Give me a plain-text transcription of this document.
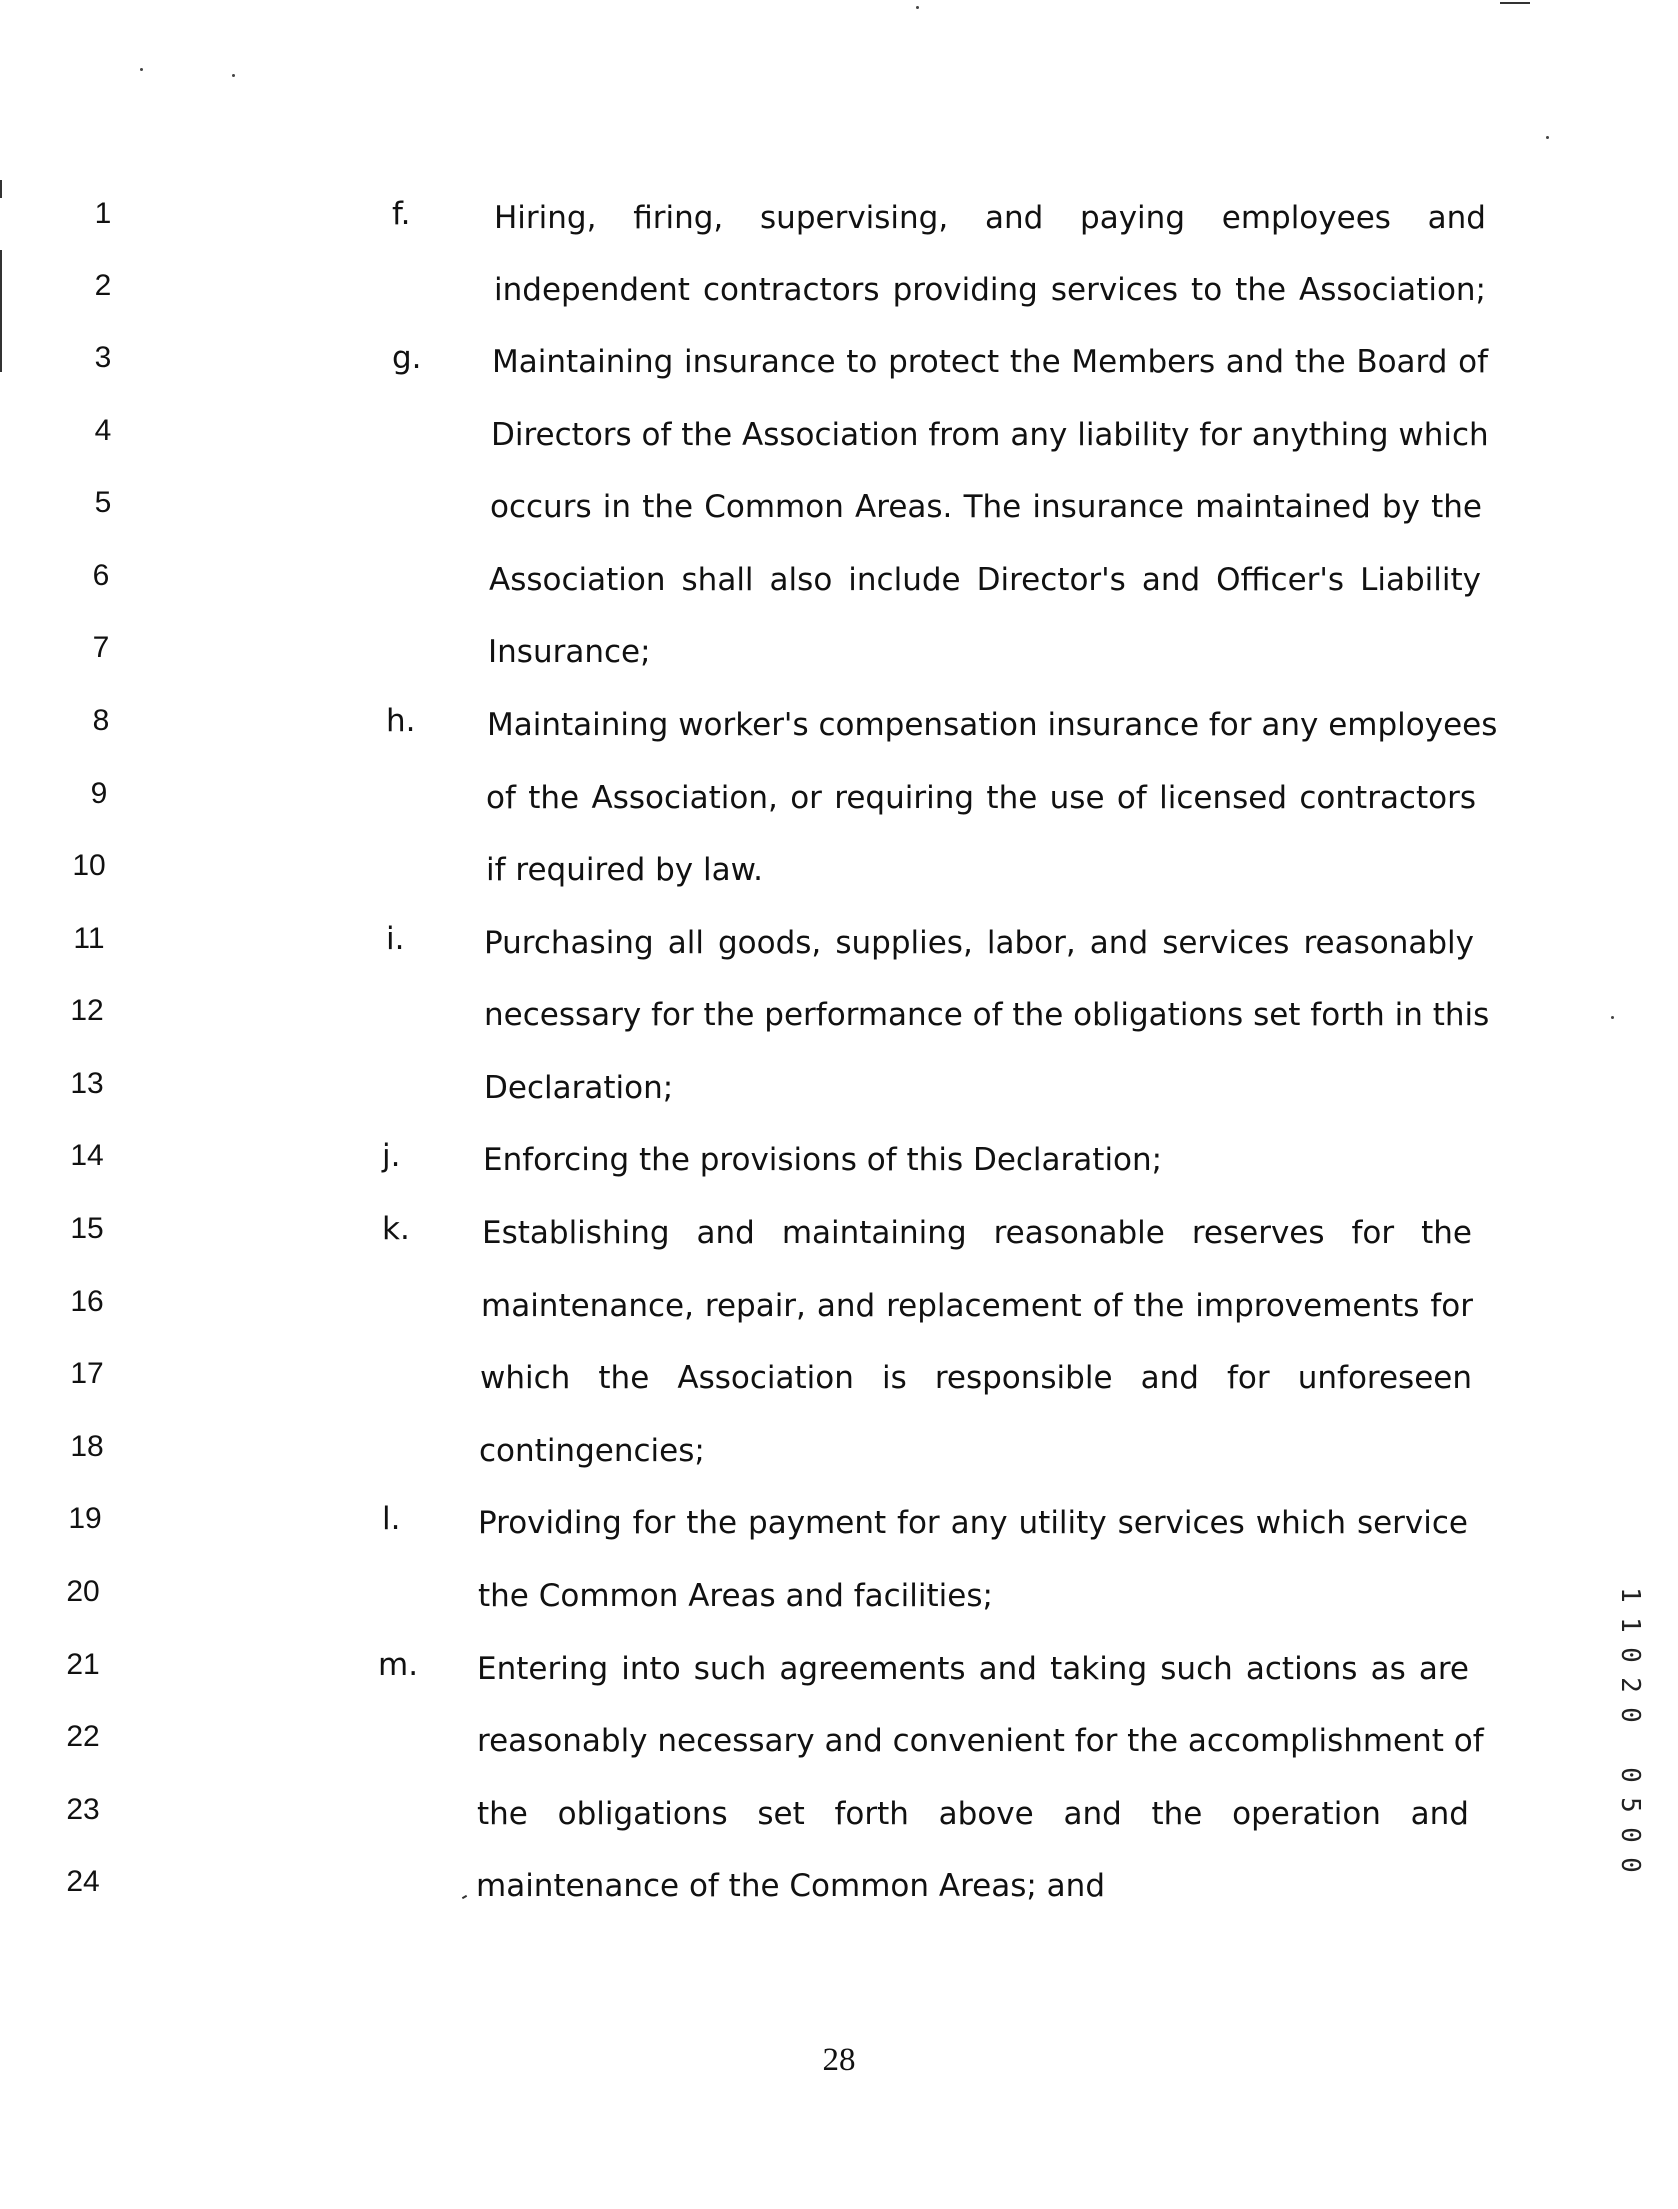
1	f.	Hiring, firing, supervising, and paying employees and
2	independent contractors providing services to the Association;
3	g. Maintaining insurance to protect the Members and the Board of
4	Directors of the Association from any liability for anything which
5	occurs in the Common Areas. The insurance maintained by the
6	Association shall also include Director's and Officer's Liability
7	Insurance;
8	h. Maintaining worker's compensation insurance for any employees
9	of the Association, or requiring the use of licensed contractors
10	if required by law.
11	i.	Purchasing all goods, supplies, labor, and services reasonably
12	necessary for the performance of the obligations set forth in this
13	Declaration;
14	j.	Enforcing the provisions of this Declaration;
15	k. Establishing and maintaining reasonable reserves for the
16	maintenance, repair, and replacement of the improvements for
17	which the Association is responsible and for unforeseen
18	contingencies;
19	l.	Providing for the payment for any utility services which service
20	the Common Areas and facilities;
21	m. Entering into such agreements and taking such actions as are
22	reasonably necessary and convenient for the accomplishment of
23	the obligations set forth above and the operation and
24	maintenance of the Common Areas; and
1
1
0
2
0
0
5
0
0
28
